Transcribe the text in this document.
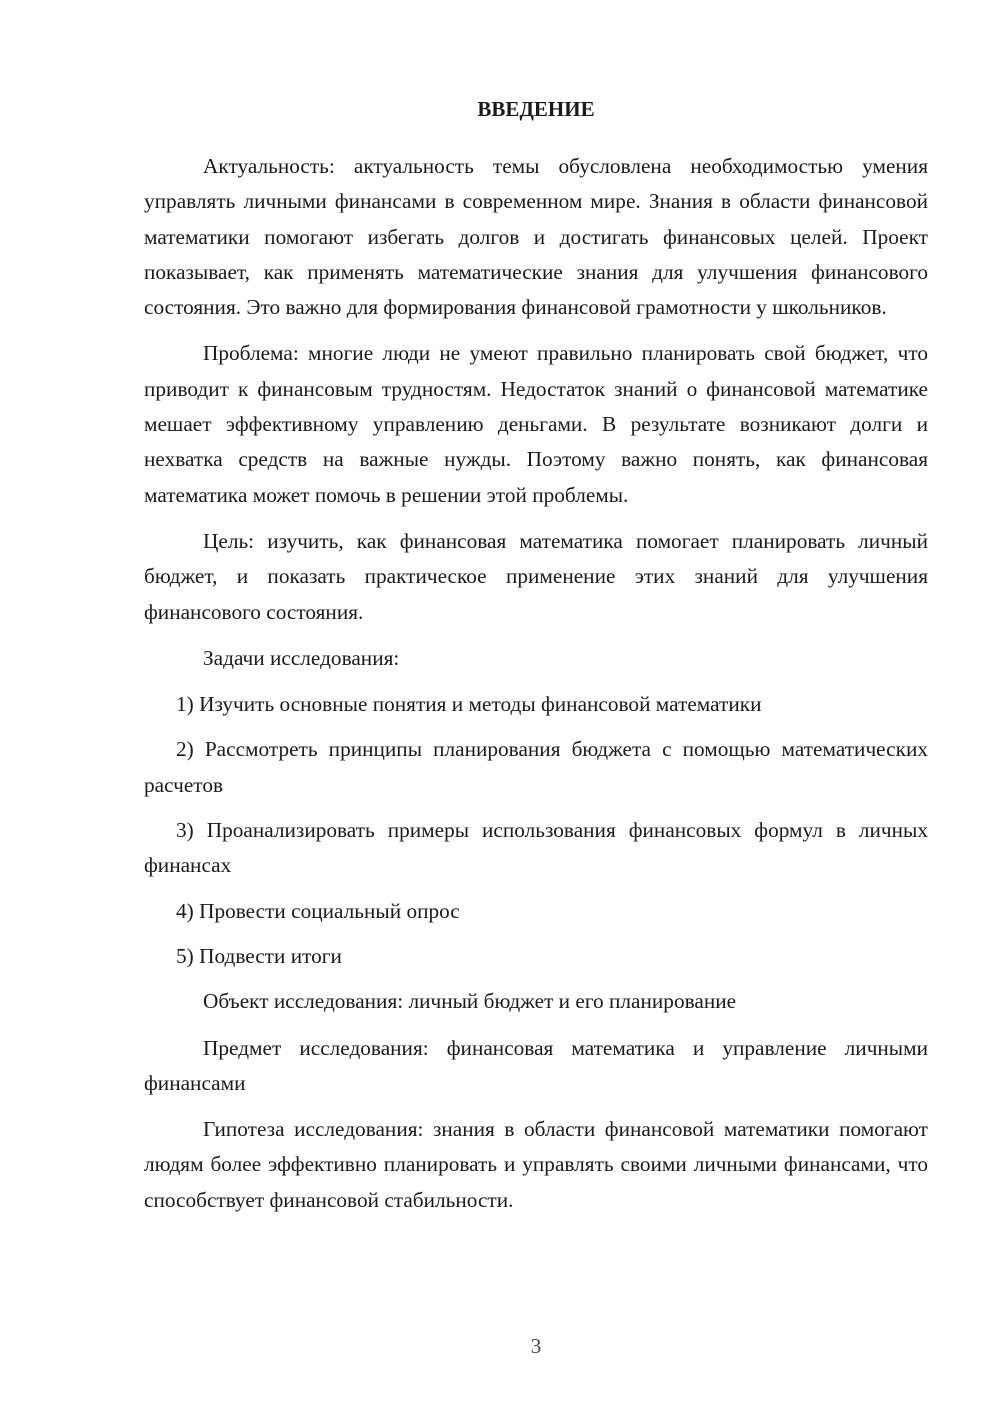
ВВЕДЕНИЕ

Актуальность: актуальность темы обусловлена необходимостью умения управлять личными финансами в современном мире. Знания в области финансовой математики помогают избегать долгов и достигать финансовых целей. Проект показывает, как применять математические знания для улучшения финансового состояния. Это важно для формирования финансовой грамотности у школьников.

Проблема: многие люди не умеют правильно планировать свой бюджет, что приводит к финансовым трудностям. Недостаток знаний о финансовой математике мешает эффективному управлению деньгами. В результате возникают долги и нехватка средств на важные нужды. Поэтому важно понять, как финансовая математика может помочь в решении этой проблемы.

Цель: изучить, как финансовая математика помогает планировать личный бюджет, и показать практическое применение этих знаний для улучшения финансового состояния.

Задачи исследования:

1) Изучить основные понятия и методы финансовой математики

2) Рассмотреть принципы планирования бюджета с помощью математических расчетов

3) Проанализировать примеры использования финансовых формул в личных финансах

4) Провести социальный опрос

5) Подвести итоги

Объект исследования: личный бюджет и его планирование

Предмет исследования: финансовая математика и управление личными финансами

Гипотеза исследования: знания в области финансовой математики помогают людям более эффективно планировать и управлять своими личными финансами, что способствует финансовой стабильности.

3
